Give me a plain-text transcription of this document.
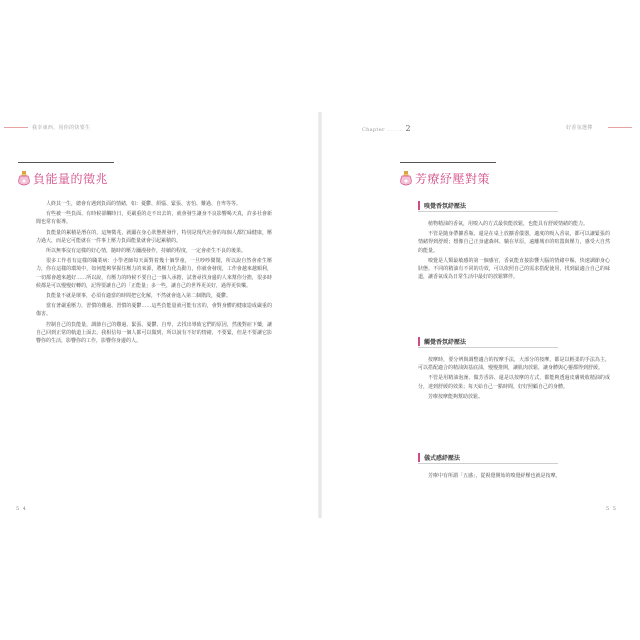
我幸東西，用你的快要生	Chapter ......... 2	好香氛選擇
負能量的徵兆

人終其一生，總會有遇到負面的情緒，如：憂鬱、煩惱、緊張、害怕、難過、自卑等等。

有些被一些負面、有時候卻觸時日，更嚴重的走不出去的，就會發生讓身不良影響喝天真，許多社會新聞也常有報導。

負能量的累積是潛在的，這無徵兆，就顯在身心狀態裡發作，特別是現代社會的每個人都忙碌健康，壓力過大，而是它可能就在一件事上壓力負面能量就會引起累積的。

所以無事沒有這樣的好心情，隨時的壓力瀰漫發作，持續的程度，一定會產生不良的後果。

很多工作者有這樣的職業病：小學老師每天面對着幾十個學童，一旦吵吵鬧鬧，所以說自然會產生壓力，你在這樣的環境中，如何能夠掌握住壓力的來源，將壓力化為動力，你就會發現，工作會越來越順利，一切都會越來越好……所以說，有壓力的時候不要自己一個人承擔，試著尋找身邊的人來幫你分擔，很多時候都是可以慢慢好轉的，記得要讓自己的「正能量」多一些，讓自己的世界更美好，過得更快樂。

負能量不就是壞事，必須有適當的時間把它化解，不然就會進入第二個階段，憂鬱。

當有著嚴重壓力，習慣的難過、習慣的憂鬱……這些負能量就可能有害的，會對身體的健康造成嚴重的傷害。

控制自己的負能量，調節自己的難過、緊張、憂鬱、自卑，去找出導致它們的原因，然後對症下藥，讓自己回到正常的軌道上面去，我相信每一個人都可以做到，所以說有不好的情緒，不要緊，但是不要讓它影響你的生活，影響你的工作，影響你身邊的人。

芳療紓壓對策
嗅覺香氛紓壓法

植物精油的香氣，用嗅入的方式最快能放鬆，也能具有舒緩情緒的能力。

不管是隨身帶擴香瓶、還是在桌上放擴香儀器，適度的吸入香氣，都可以讓緊張的情緒得到舒緩；想像自己正身處森林、躺在草原，遠離城市的喧囂與壓力，感受大自然的能量。

嗅覺是人類最敏感的第一個感官，香氣能直接影響大腦的情緒中樞，快速調節身心狀態。不同的精油有不同的功效，可以依照自己的需求搭配使用，找到最適合自己的味道，讓香氣成為日常生活中最好的放鬆夥伴。

觸覺香氛紓壓法

按摩時，要分辨與調整適合的按摩手法，大部分的按摩，都是以輕柔的手法為主，可以搭配適合的精油與基底油，慢慢推開，讓肌肉放鬆，讓身體與心靈都得到舒緩。

不管是用精油泡澡、做芳香浴、還是以按摩的方式，都能夠透過皮膚吸收精油的成分，達到舒緩的效果；每天給自己一點時間，好好照顧自己的身體。

芳療按摩能夠幫助放鬆。

儀式感紓壓法

芳療中有所謂「五感」，從視覺開始的嗅覺紓壓也就是按摩。

5 4	5 5
